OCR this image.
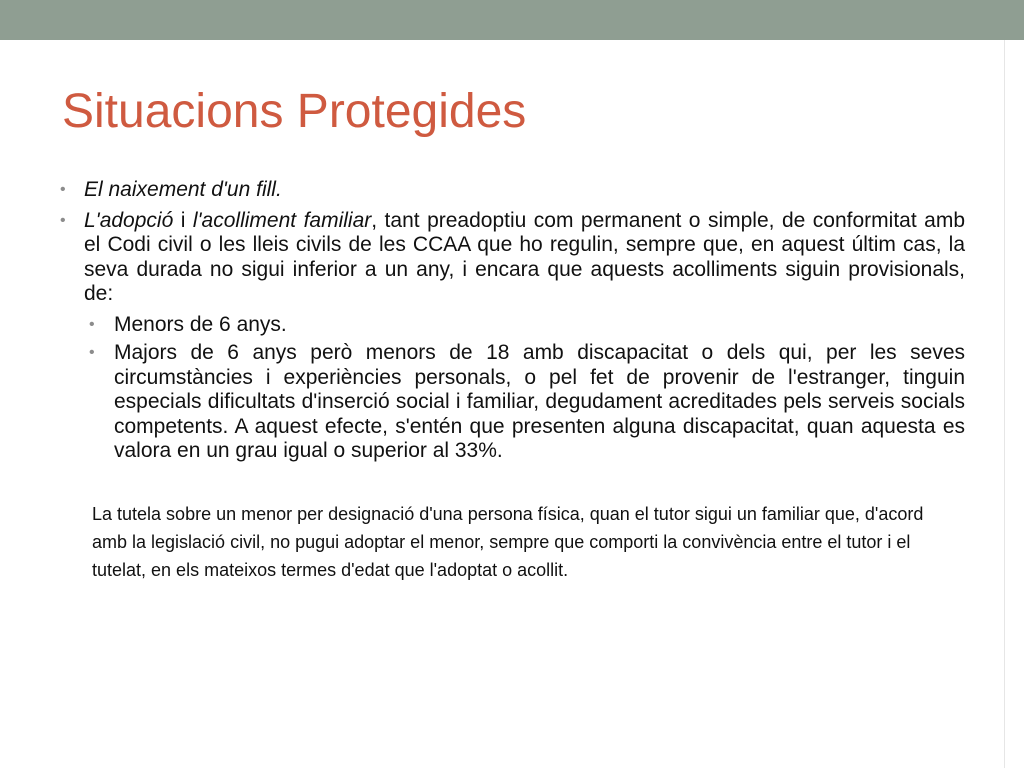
Situacions Protegides
• El naixement d'un fill.
• L'adopció i l'acolliment familiar, tant preadoptiu com permanent o simple, de conformitat amb el Codi civil o les lleis civils de les CCAA que ho regulin, sempre que, en aquest últim cas, la seva durada no sigui inferior a un any, i encara que aquests acolliments siguin provisionals, de:
• Menors de 6 anys.
• Majors de 6 anys però menors de 18 amb discapacitat o dels qui, per les seves circumstàncies i experiències personals, o pel fet de provenir de l'estranger, tinguin especials dificultats d'inserció social i familiar, degudament acreditades pels serveis socials competents. A aquest efecte, s'entén que presenten alguna discapacitat, quan aquesta es valora en un grau igual o superior al 33%.

La tutela sobre un menor per designació d'una persona física, quan el tutor sigui un familiar que, d'acord amb la legislació civil, no pugui adoptar el menor, sempre que comporti la convivència entre el tutor i el tutelat, en els mateixos termes d'edat que l'adoptat o acollit.
